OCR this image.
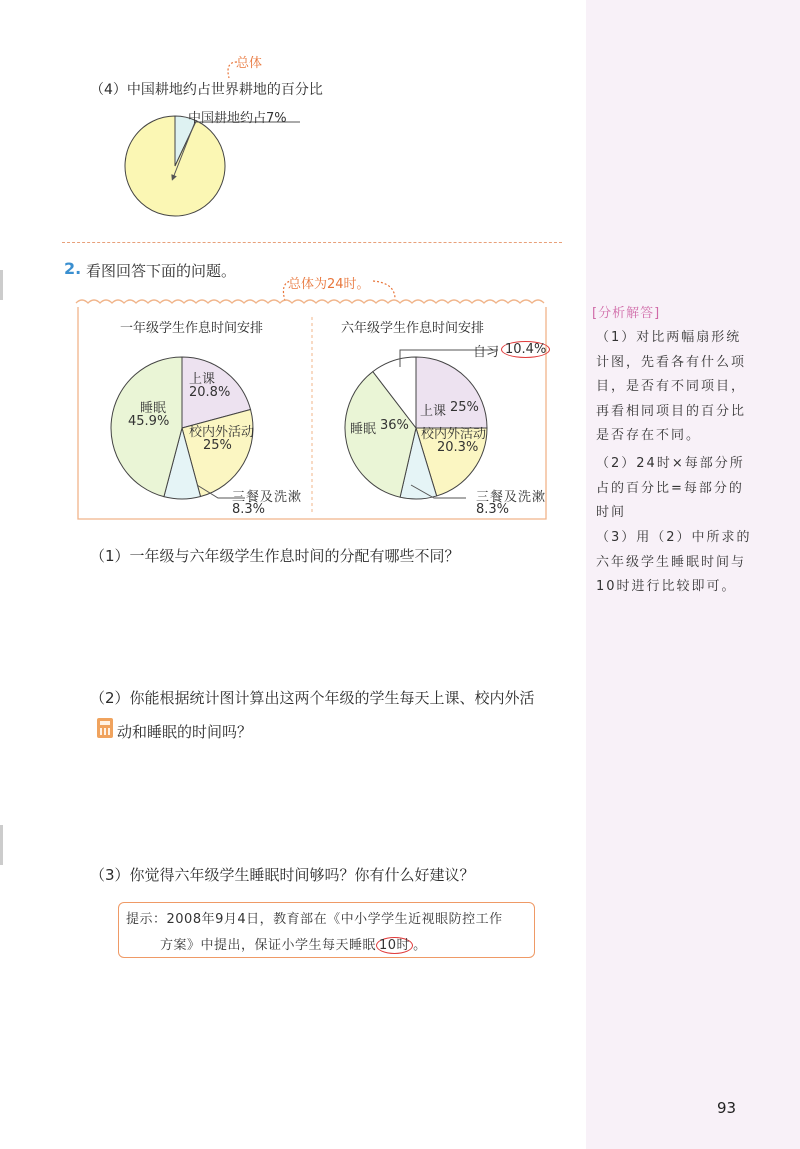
[分析解答]
（1）对比两幅扇形统计图，先看各有什么项目，是否有不同项目，再看相同项目的百分比是否存在不同。
（2）24时×每部分所占的百分比=每部分的时间
（3）用（2）中所求的六年级学生睡眠时间与10时进行比较即可。
总体
（4）中国耕地约占世界耕地的百分比
中国耕地约占7%
2. 看图回答下面的问题。
总体为24时。
一年级学生作息时间安排	六年级学生作息时间安排
上课
20.8%
校内外活动
25%
睡眠
45.9%
三餐及洗漱
8.3%
自习 10.4%
上课 25%
校内外活动
20.3%
睡眠 36%
三餐及洗漱
8.3%
（1）一年级与六年级学生作息时间的分配有哪些不同？
（2）你能根据统计图计算出这两个年级的学生每天上课、校内外活
动和睡眠的时间吗？
（3）你觉得六年级学生睡眠时间够吗？你有什么好建议？
提示：2008年9月4日，教育部在《中小学学生近视眼防控工作
方案》中提出，保证小学生每天睡眠 10时 。
93
